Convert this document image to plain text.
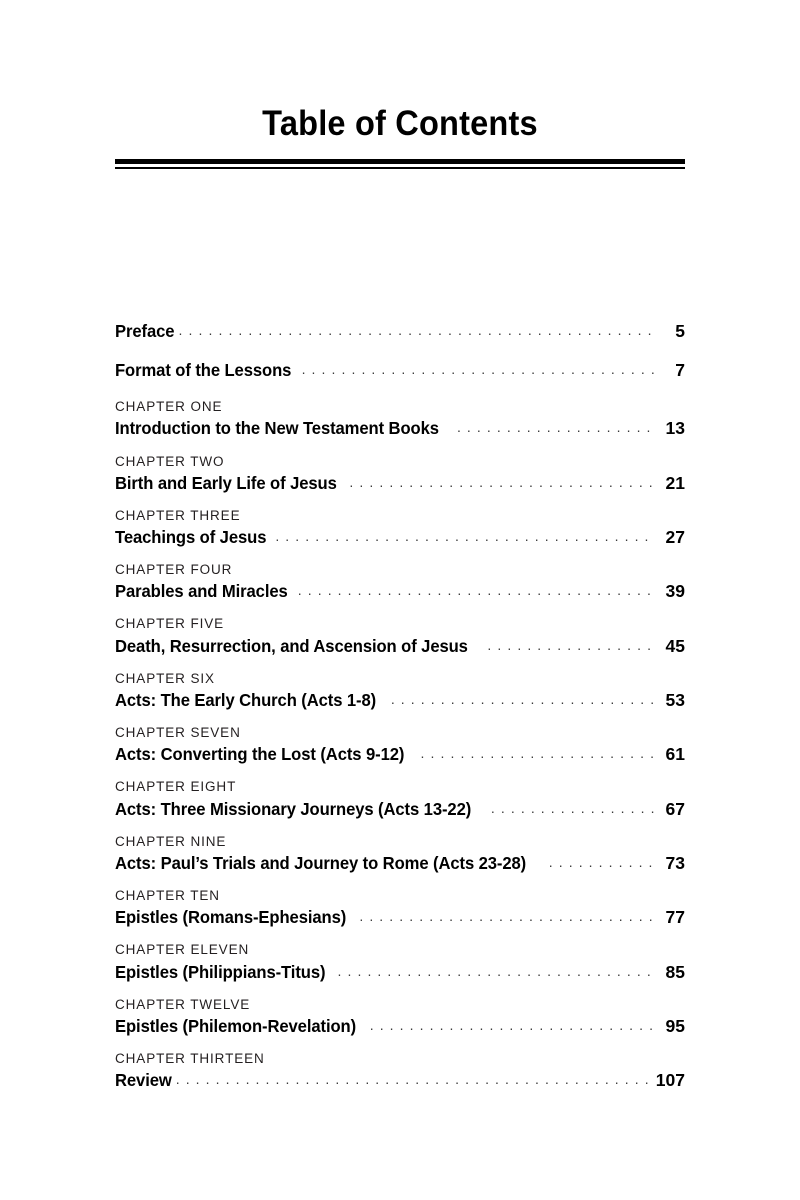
Table of Contents
Preface . . .	5
Format of the Lessons . . .	7
CHAPTER ONE
Introduction to the New Testament Books . . .	13
CHAPTER TWO
Birth and Early Life of Jesus . . .	21
CHAPTER THREE
Teachings of Jesus . . .	27
CHAPTER FOUR
Parables and Miracles . . .	39
CHAPTER FIVE
Death, Resurrection, and Ascension of Jesus . . .	45
CHAPTER SIX
Acts: The Early Church (Acts 1-8) . . .	53
CHAPTER SEVEN
Acts: Converting the Lost (Acts 9-12) . . .	61
CHAPTER EIGHT
Acts: Three Missionary Journeys (Acts 13-22) . . .	67
CHAPTER NINE
Acts: Paul’s Trials and Journey to Rome (Acts 23-28) . . .	73
CHAPTER TEN
Epistles (Romans-Ephesians) . . .	77
CHAPTER ELEVEN
Epistles (Philippians-Titus) . . .	85
CHAPTER TWELVE
Epistles (Philemon-Revelation) . . .	95
CHAPTER THIRTEEN
Review . . .	107
